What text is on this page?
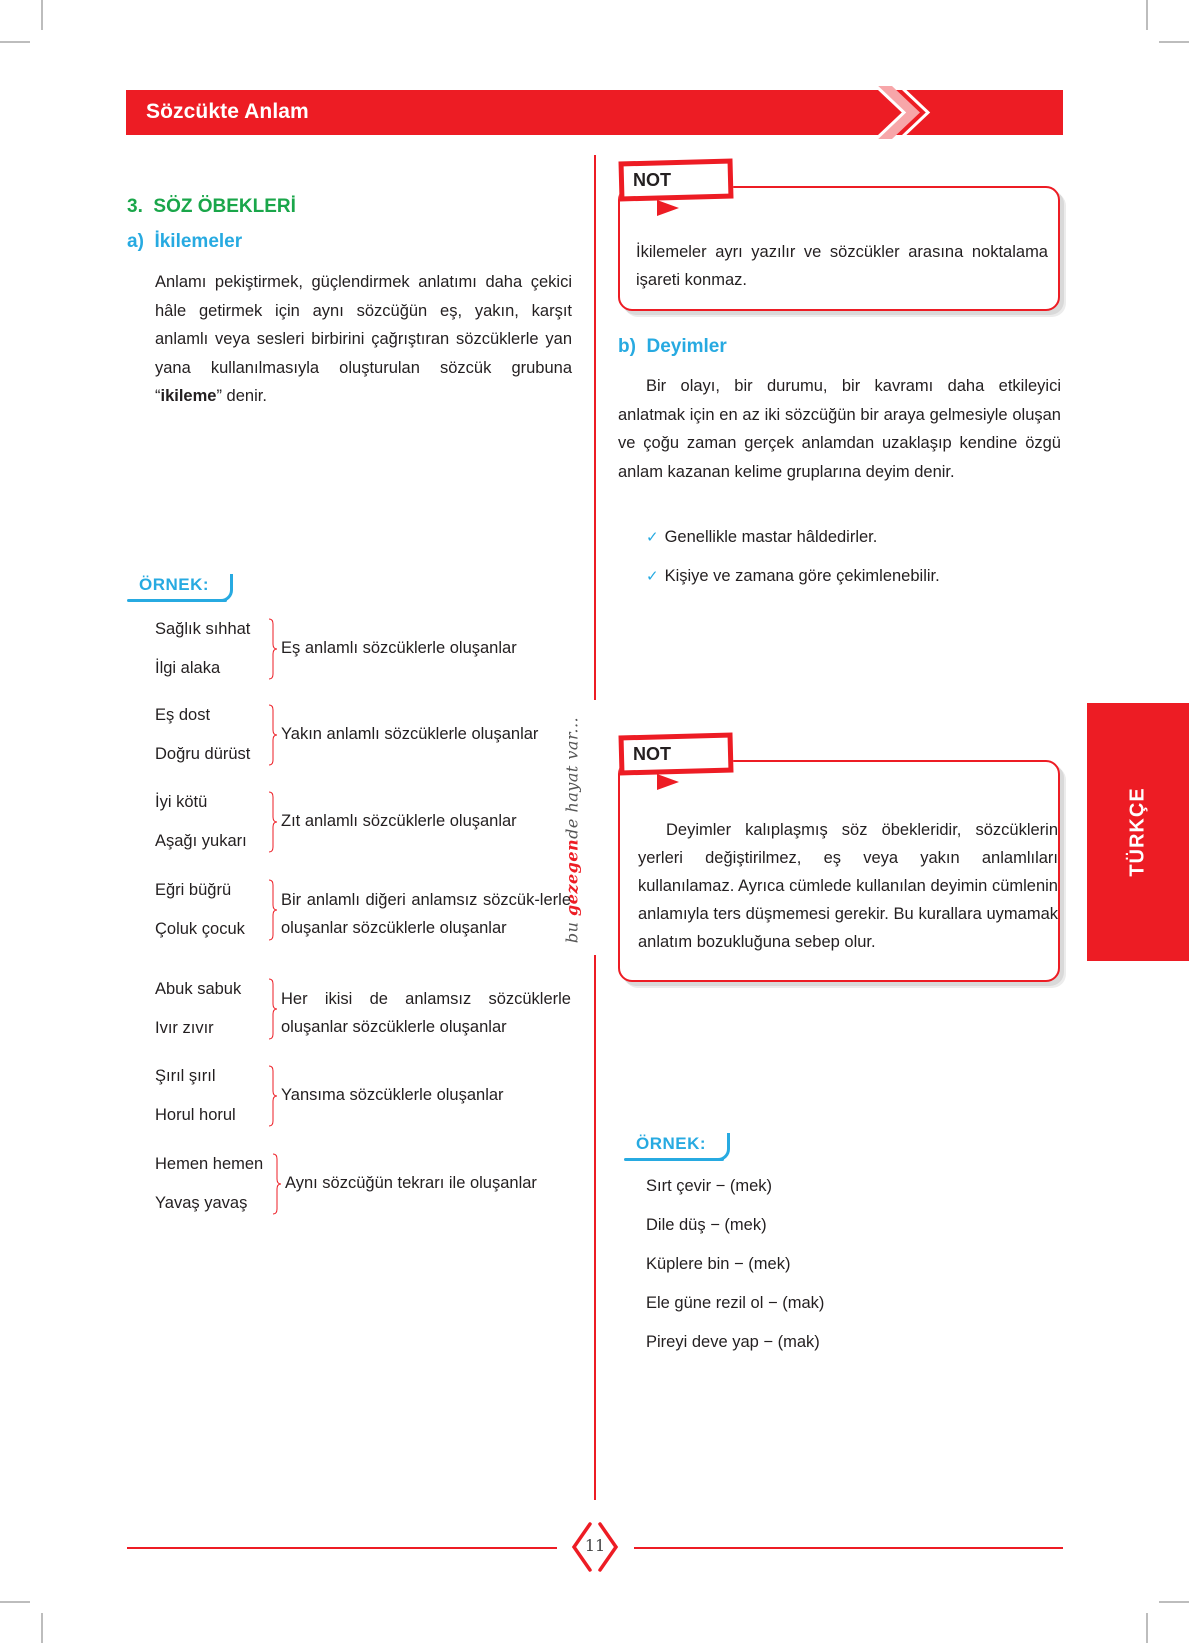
Sözcükte Anlam
bu gezegende hayat var...
3.  SÖZ ÖBEKLERİ
a)  İkilemeler
Anlamı pekiştirmek, güçlendirmek anlatımı daha çekici hâle getirmek için aynı sözcüğün eş, yakın, karşıt anlamlı veya sesleri birbirini çağrıştıran sözcüklerle yan yana kullanılmasıyla oluşturulan sözcük grubuna “ikileme” denir.
ÖRNEK:
Sağlık sıhhat
İlgi alaka
Eş anlamlı sözcüklerle oluşanlar
Eş dost
Doğru dürüst
Yakın anlamlı sözcüklerle oluşanlar
İyi kötü
Aşağı yukarı
Zıt anlamlı sözcüklerle oluşanlar
Eğri büğrü
Çoluk çocuk
Bir anlamlı diğeri anlamsız sözcük-lerle oluşanlar sözcüklerle oluşanlar
Abuk sabuk
Ivır zıvır
Her ikisi de anlamsız sözcüklerle oluşanlar sözcüklerle oluşanlar
Şırıl şırıl
Horul horul
Yansıma sözcüklerle oluşanlar
Hemen hemen
Yavaş yavaş
Aynı sözcüğün tekrarı ile oluşanlar
NOT
İkilemeler ayrı yazılır ve sözcükler arasına noktalama işareti konmaz.
b)  Deyimler
Bir olayı, bir durumu, bir kavramı daha etkileyici anlatmak için en az iki sözcüğün bir araya gelmesiyle oluşan ve çoğu zaman gerçek anlamdan uzaklaşıp kendine özgü anlam kazanan kelime gruplarına deyim denir.
✓ Genellikle mastar hâldedirler.
✓ Kişiye ve zamana göre çekimlenebilir.
NOT
Deyimler kalıplaşmış söz öbekleridir, sözcüklerin yerleri değiştirilmez, eş veya yakın anlamlıları kullanılamaz. Ayrıca cümlede kullanılan deyimin cümlenin anlamıyla ters düşmemesi gerekir. Bu kurallara uymamak anlatım bozukluğuna sebep olur.
TÜRKÇE
ÖRNEK:
Sırt çevir − (mek)
Dile düş − (mek)
Küplere bin − (mek)
Ele güne rezil ol − (mak)
Pireyi deve yap − (mak)
11
